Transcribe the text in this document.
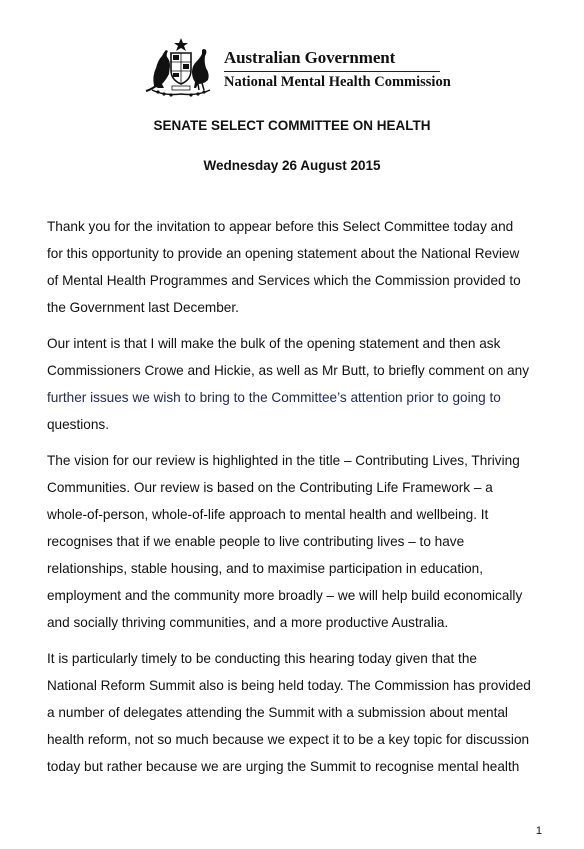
Australian Government
National Mental Health Commission
SENATE SELECT COMMITTEE ON HEALTH
Wednesday 26 August 2015
Thank you for the invitation to appear before this Select Committee today and
for this opportunity to provide an opening statement about the National Review
of Mental Health Programmes and Services which the Commission provided to
the Government last December.
Our intent is that I will make the bulk of the opening statement and then ask
Commissioners Crowe and Hickie, as well as Mr Butt, to briefly comment on any
further issues we wish to bring to the Committee’s attention prior to going to
questions.
The vision for our review is highlighted in the title – Contributing Lives, Thriving
Communities. Our review is based on the Contributing Life Framework – a
whole-of-person, whole-of-life approach to mental health and wellbeing. It
recognises that if we enable people to live contributing lives – to have
relationships, stable housing, and to maximise participation in education,
employment and the community more broadly – we will help build economically
and socially thriving communities, and a more productive Australia.
It is particularly timely to be conducting this hearing today given that the
National Reform Summit also is being held today. The Commission has provided
a number of delegates attending the Summit with a submission about mental
health reform, not so much because we expect it to be a key topic for discussion
today but rather because we are urging the Summit to recognise mental health
1
